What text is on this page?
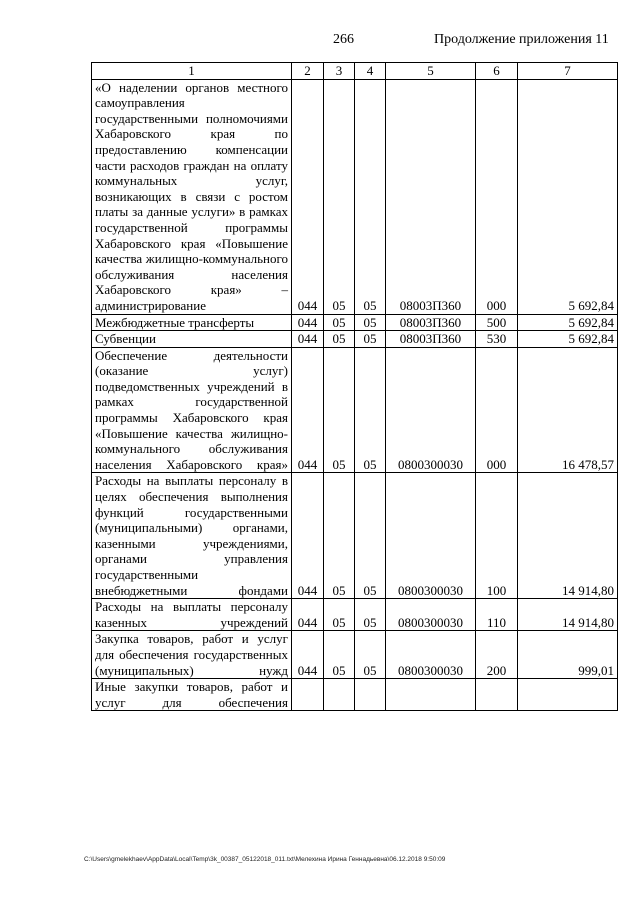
266	Продолжение приложения 11
1	2	3	4	5	6	7
«О наделении органов местного самоуправления государственными полномочиями Хабаровского края по предоставлению компенсации части расходов граждан на оплату коммунальных услуг, возникающих в связи с ростом платы за данные услуги» в рамках государственной программы Хабаровского края «Повышение качества жилищно-коммунального обслуживания населения Хабаровского края» – администрирование	044	05	05	08003П360	000	5 692,84
Межбюджетные трансферты	044	05	05	08003П360	500	5 692,84
Субвенции	044	05	05	08003П360	530	5 692,84
Обеспечение деятельности (оказание услуг) подведомственных учреждений в рамках государственной программы Хабаровского края «Повышение качества жилищно-коммунального обслуживания населения Хабаровского края»	044	05	05	0800300030	000	16 478,57
Расходы на выплаты персоналу в целях обеспечения выполнения функций государственными (муниципальными) органами, казенными учреждениями, органами управления государственными внебюджетными фондами	044	05	05	0800300030	100	14 914,80
Расходы на выплаты персоналу казенных учреждений	044	05	05	0800300030	110	14 914,80
Закупка товаров, работ и услуг для обеспечения государственных (муниципальных) нужд	044	05	05	0800300030	200	999,01
Иные закупки товаров, работ и услуг для обеспечения						
C:\Users\gmelekhaev\AppData\Local\Temp\3k_00387_05122018_011.txt\Мелехина Ирина Геннадьевна\06.12.2018 9:50:09
